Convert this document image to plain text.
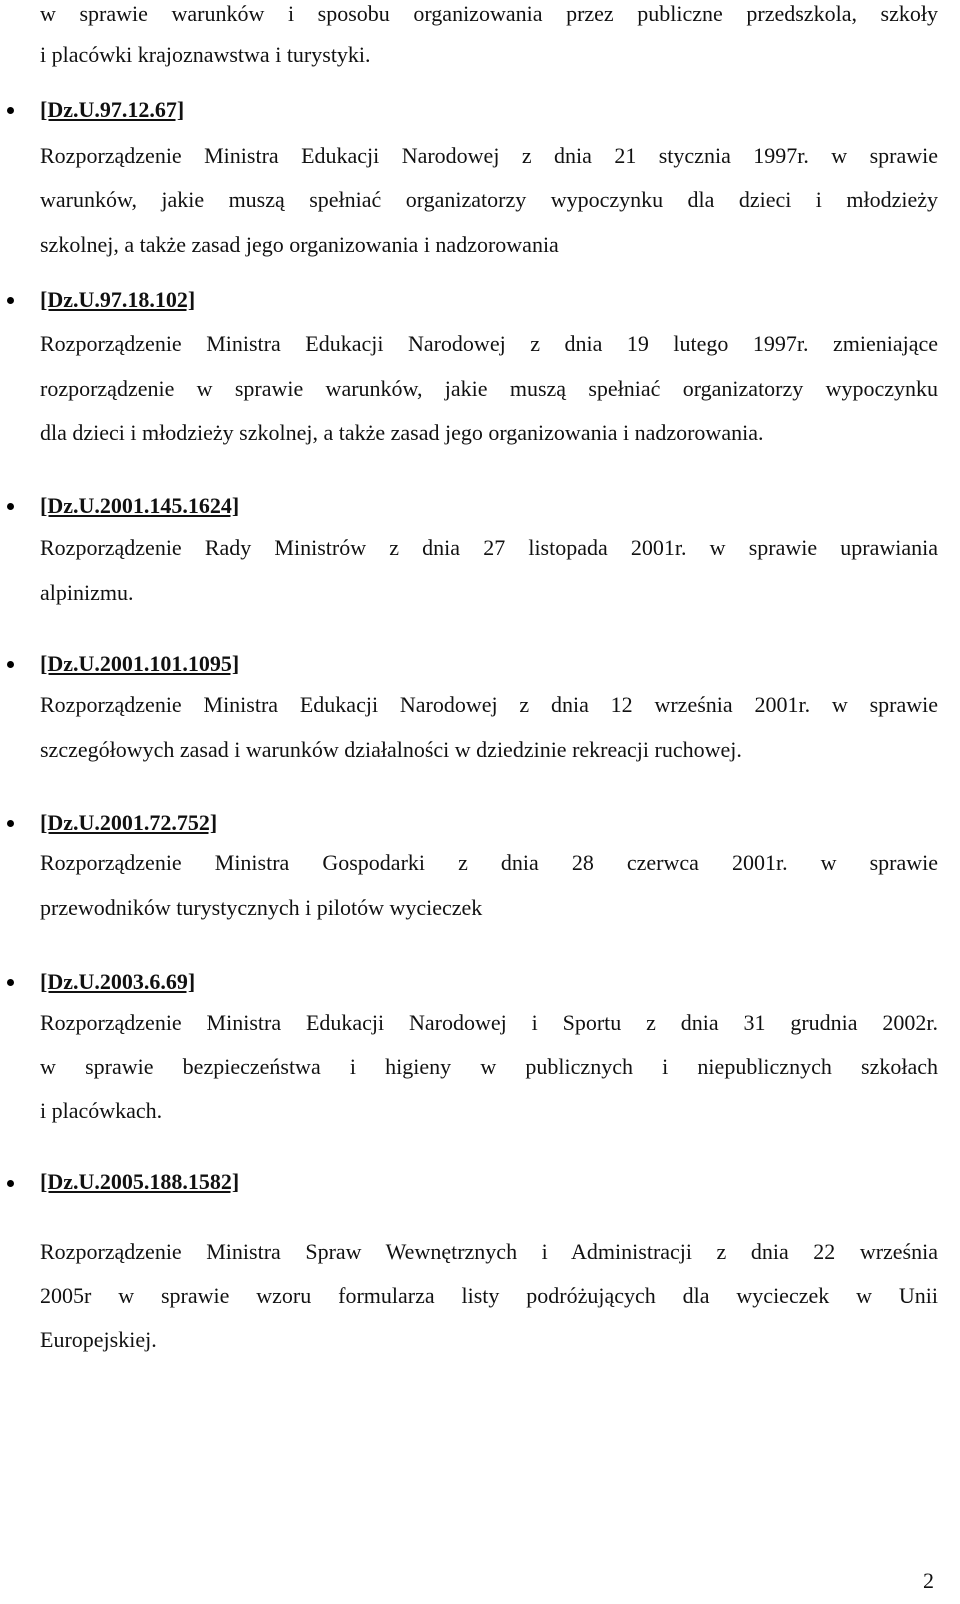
w sprawie warunków i sposobu organizowania przez publiczne przedszkola, szkoły
i placówki krajoznawstwa i turystyki.
[Dz.U.97.12.67]
Rozporządzenie Ministra Edukacji Narodowej z dnia 21 stycznia 1997r. w sprawie
warunków, jakie muszą spełniać organizatorzy wypoczynku dla dzieci i młodzieży
szkolnej, a także zasad jego organizowania i nadzorowania
[Dz.U.97.18.102]
Rozporządzenie Ministra Edukacji Narodowej z dnia 19 lutego 1997r. zmieniające
rozporządzenie w sprawie warunków, jakie muszą spełniać organizatorzy wypoczynku
dla dzieci i młodzieży szkolnej, a także zasad jego organizowania i nadzorowania.
[Dz.U.2001.145.1624]
Rozporządzenie Rady Ministrów z dnia 27 listopada 2001r. w sprawie uprawiania
alpinizmu.
[Dz.U.2001.101.1095]
Rozporządzenie Ministra Edukacji Narodowej z dnia 12 września 2001r. w sprawie
szczegółowych zasad i warunków działalności w dziedzinie rekreacji ruchowej.
[Dz.U.2001.72.752]
Rozporządzenie Ministra Gospodarki z dnia 28 czerwca 2001r. w sprawie
przewodników turystycznych i pilotów wycieczek
[Dz.U.2003.6.69]
Rozporządzenie Ministra Edukacji Narodowej i Sportu z dnia 31 grudnia 2002r.
w sprawie bezpieczeństwa i higieny w publicznych i niepublicznych szkołach
i placówkach.
[Dz.U.2005.188.1582]
Rozporządzenie Ministra Spraw Wewnętrznych i Administracji z dnia 22 września
2005r w sprawie wzoru formularza listy podróżujących dla wycieczek w Unii
Europejskiej.
2
